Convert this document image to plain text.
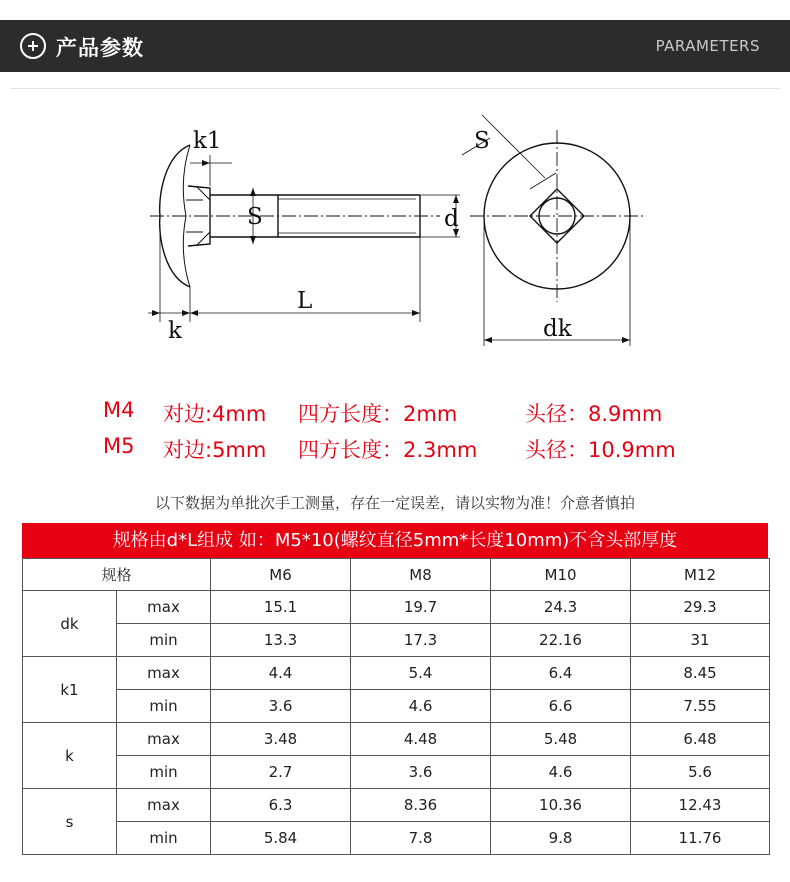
产品参数	PARAMETERS
k1
S	d
L
k
S
dk
M4 对边:4mm 四方长度：2mm	头径：8.9mm
M5 对边:5mm 四方长度：2.3mm 头径：10.9mm
以下数据为单批次手工测量，存在一定误差，请以实物为准！介意者慎拍
规格由d*L组成 如：M5*10(螺纹直径5mm*长度10mm)不含头部厚度
规格		M6	M8	M10	M12
dk	max	15.1	19.7	24.3	29.3
	min	13.3	17.3	22.16	31
k1	max	4.4	5.4	6.4	8.45
	min	3.6	4.6	6.6	7.55
k	max	3.48	4.48	5.48	6.48
	min	2.7	3.6	4.6	5.6
s	max	6.3	8.36	10.36	12.43
	min	5.84	7.8	9.8	11.76
